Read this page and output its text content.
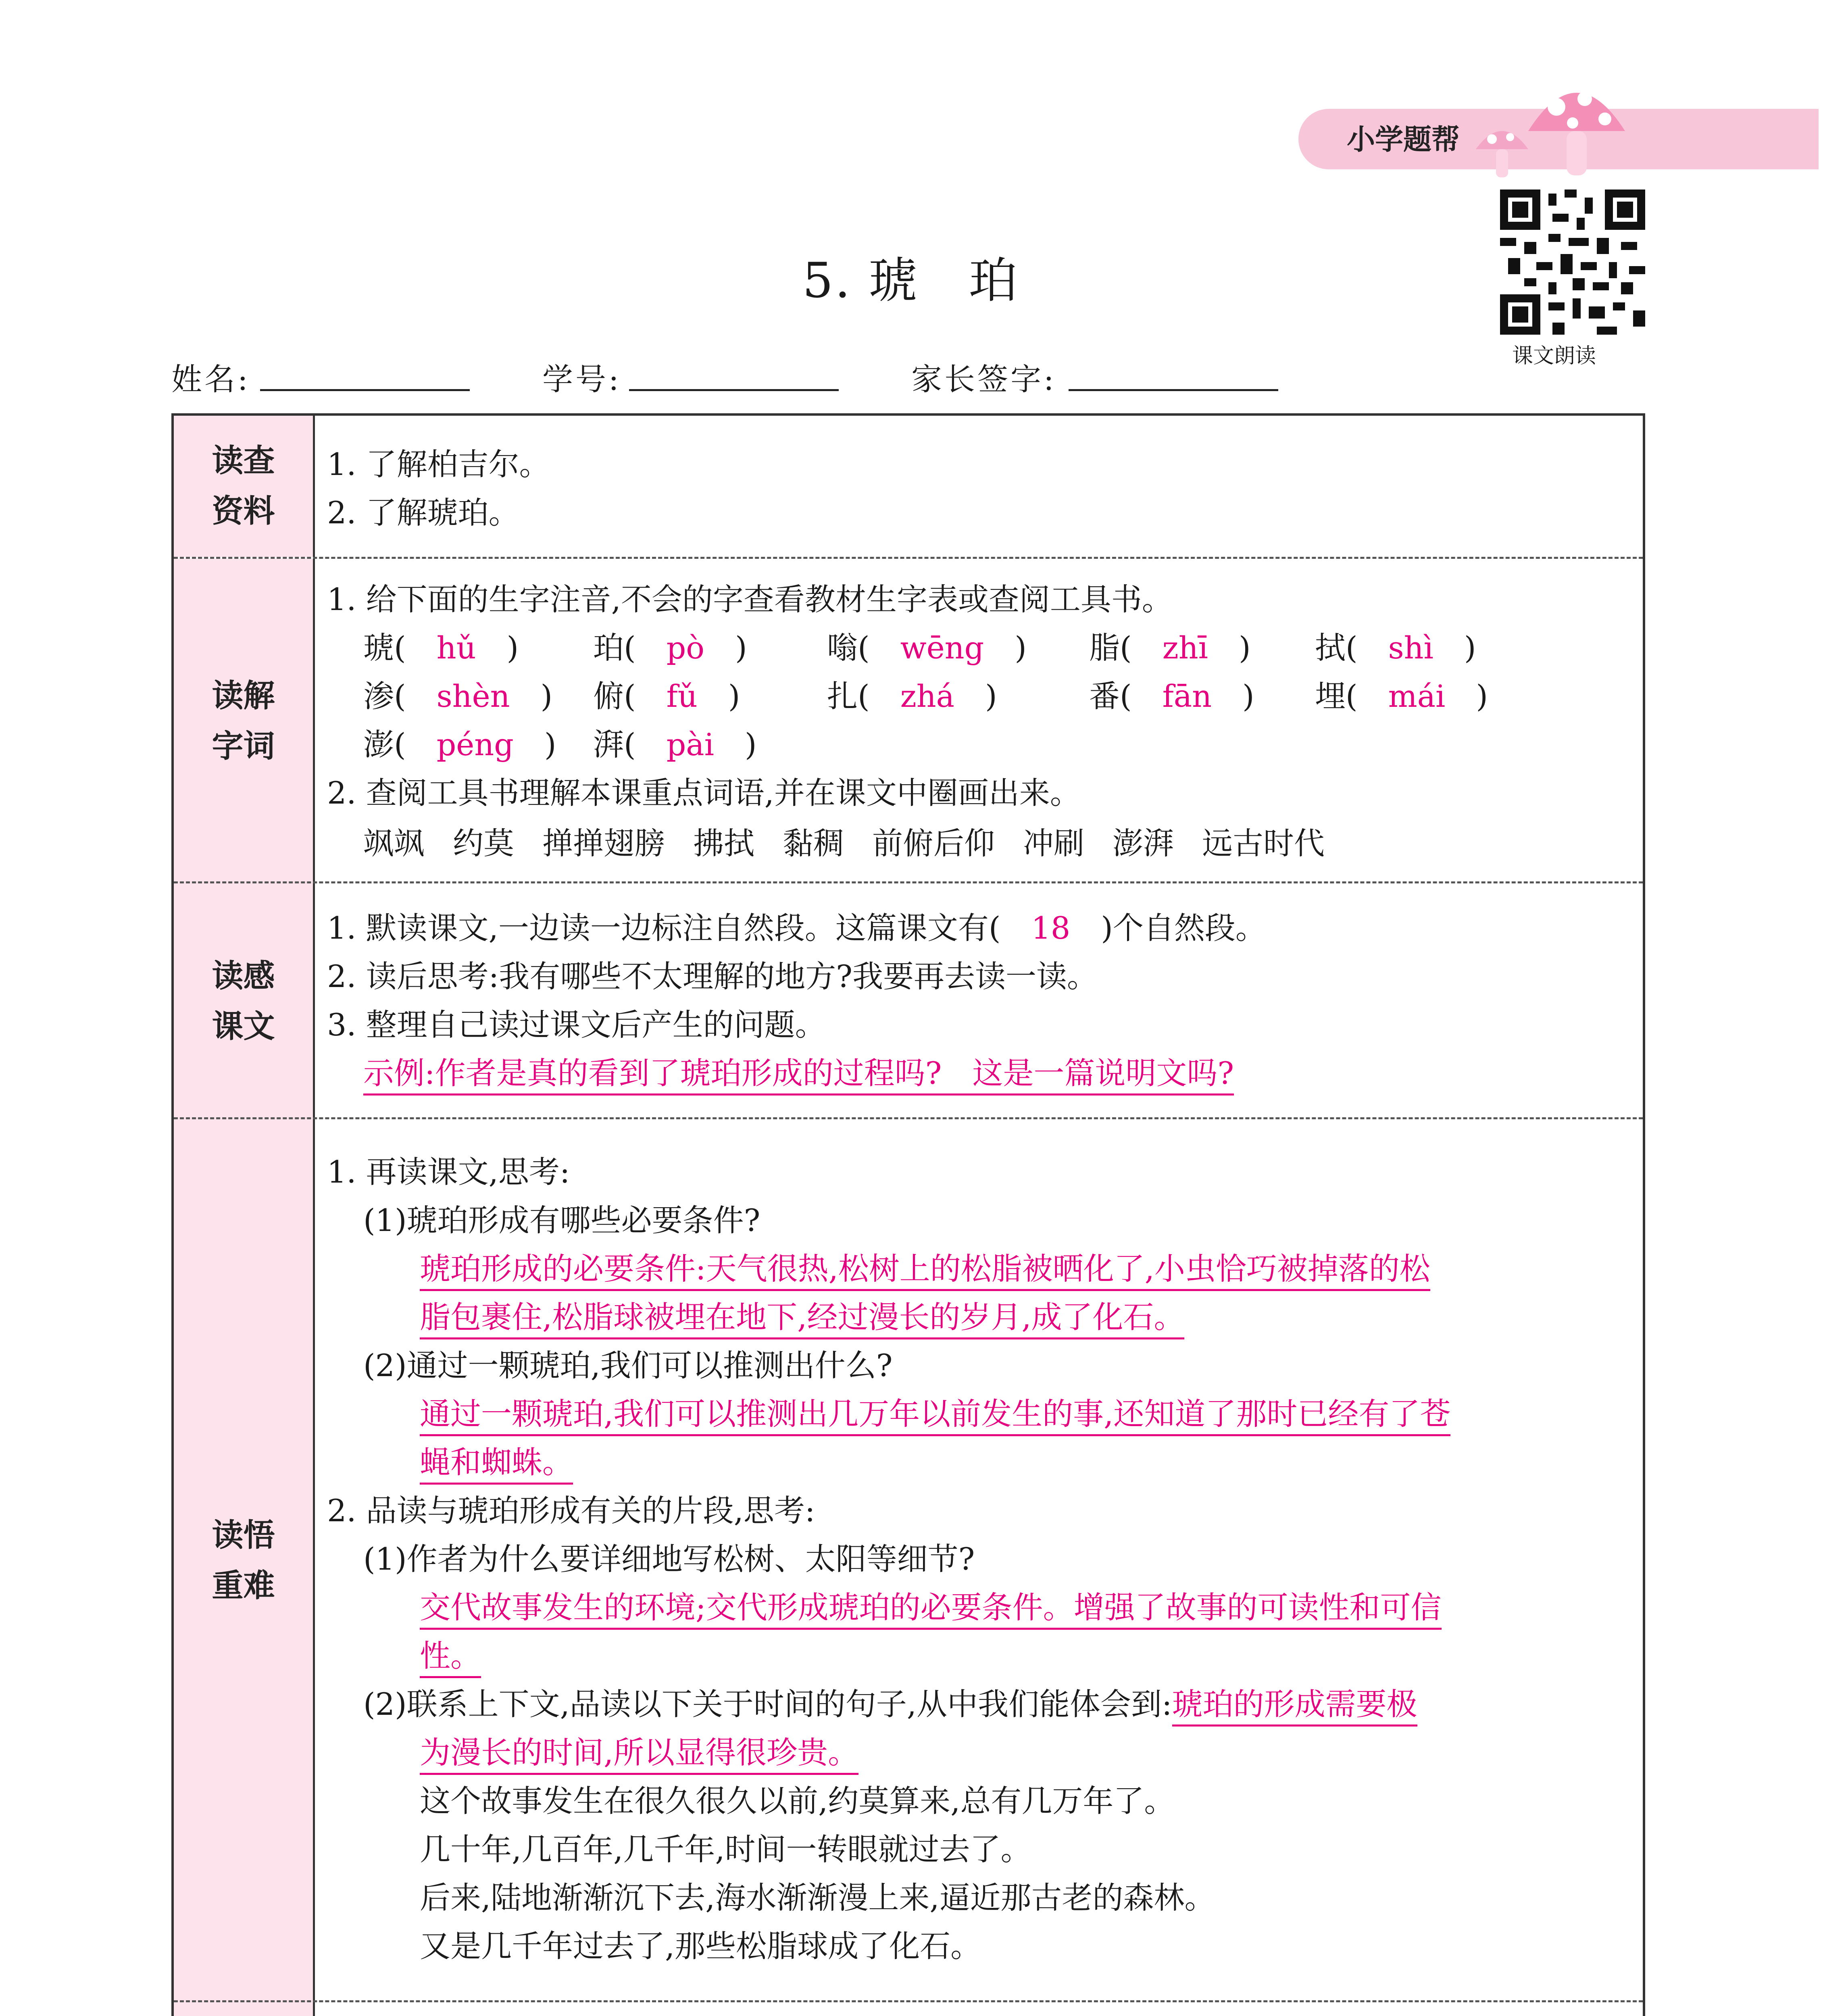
小学题帮
课文朗读
5. 琥　珀
姓名:	学号:	家长签字:
读查
资料
1. 了解柏吉尔。
2. 了解琥珀。
读解
字词
1. 给下面的生字注音,不会的字查看教材生字表或查阅工具书。
琥(　hǔ　) 珀(　pò　)	嗡(　wēng　) 脂(　zhī　) 拭(　shì　)
渗(　shèn　) 俯(　fǔ　)	扎(　zhá　)	番(　fān　) 埋(　mái　)
澎(　péng　) 湃(　pài　)
2. 查阅工具书理解本课重点词语,并在课文中圈画出来。
飒飒 约莫 掸掸翅膀 拂拭 黏稠 前俯后仰 冲刷 澎湃 远古时代
读感
课文
1. 默读课文,一边读一边标注自然段。这篇课文有(　 18　 )个自然段。
2. 读后思考:我有哪些不太理解的地方?我要再去读一读。
3. 整理自己读过课文后产生的问题。
示例:作者是真的看到了琥珀形成的过程吗?　这是一篇说明文吗?
读悟
重难
1. 再读课文,思考:
(1)琥珀形成有哪些必要条件?
琥珀形成的必要条件:天气很热,松树上的松脂被晒化了,小虫恰巧被掉落的松
脂包裹住,松脂球被埋在地下,经过漫长的岁月,成了化石。
(2)通过一颗琥珀,我们可以推测出什么?
通过一颗琥珀,我们可以推测出几万年以前发生的事,还知道了那时已经有了苍
蝇和蜘蛛。
2. 品读与琥珀形成有关的片段,思考:
(1)作者为什么要详细地写松树、太阳等细节?
交代故事发生的环境;交代形成琥珀的必要条件。增强了故事的可读性和可信
性。
(2)联系上下文,品读以下关于时间的句子,从中我们能体会到:琥珀的形成需要极
为漫长的时间,所以显得很珍贵。
这个故事发生在很久很久以前,约莫算来,总有几万年了。
几十年,几百年,几千年,时间一转眼就过去了。
后来,陆地渐渐沉下去,海水渐渐漫上来,逼近那古老的森林。
又是几千年过去了,那些松脂球成了化石。
